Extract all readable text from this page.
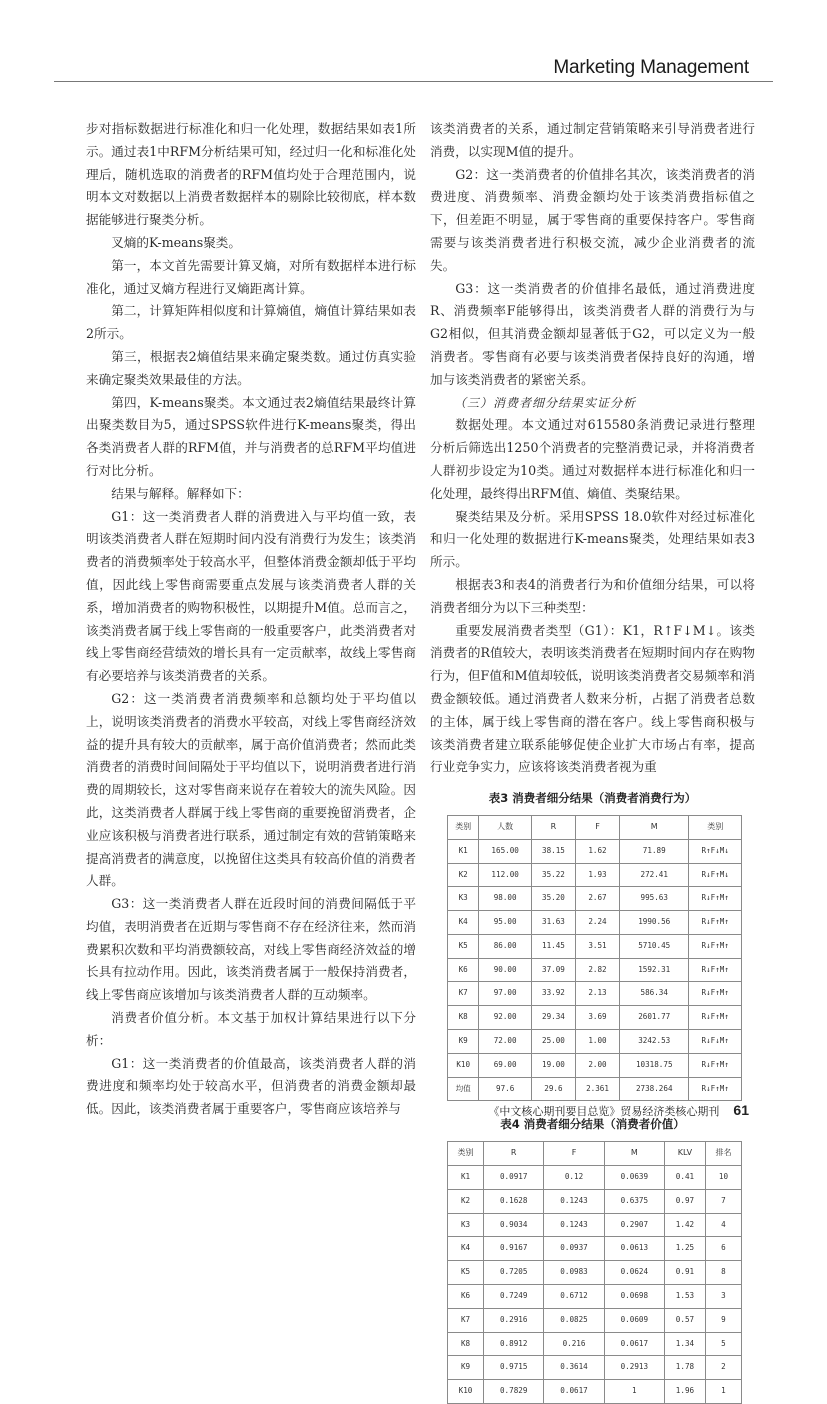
Marketing Management

步对指标数据进行标准化和归一化处理，数据结果如表1所示。通过表1中RFM分析结果可知，经过归一化和标准化处理后，随机选取的消费者的RFM值均处于合理范围内，说明本文对数据以上消费者数据样本的剔除比较彻底，样本数据能够进行聚类分析。

叉熵的K-means聚类。

第一，本文首先需要计算叉熵，对所有数据样本进行标准化，通过叉熵方程进行叉熵距离计算。

第二，计算矩阵相似度和计算熵值，熵值计算结果如表2所示。

第三，根据表2熵值结果来确定聚类数。通过仿真实验来确定聚类效果最佳的方法。

第四，K-means聚类。本文通过表2熵值结果最终计算出聚类数目为5，通过SPSS软件进行K-means聚类，得出各类消费者人群的RFM值，并与消费者的总RFM平均值进行对比分析。

结果与解释。解释如下：

G1：这一类消费者人群的消费进入与平均值一致，表明该类消费者人群在短期时间内没有消费行为发生；该类消费者的消费频率处于较高水平，但整体消费金额却低于平均值，因此线上零售商需要重点发展与该类消费者人群的关系，增加消费者的购物积极性，以期提升M值。总而言之，该类消费者属于线上零售商的一般重要客户，此类消费者对线上零售商经营绩效的增长具有一定贡献率，故线上零售商有必要培养与该类消费者的关系。

G2：这一类消费者消费频率和总额均处于平均值以上，说明该类消费者的消费水平较高，对线上零售商经济效益的提升具有较大的贡献率，属于高价值消费者；然而此类消费者的消费时间间隔处于平均值以下，说明消费者进行消费的周期较长，这对零售商来说存在着较大的流失风险。因此，这类消费者人群属于线上零售商的重要挽留消费者，企业应该积极与消费者进行联系，通过制定有效的营销策略来提高消费者的满意度，以挽留住这类具有较高价值的消费者人群。

G3：这一类消费者人群在近段时间的消费间隔低于平均值，表明消费者在近期与零售商不存在经济往来，然而消费累积次数和平均消费额较高，对线上零售商经济效益的增长具有拉动作用。因此，该类消费者属于一般保持消费者，线上零售商应该增加与该类消费者人群的互动频率。

消费者价值分析。本文基于加权计算结果进行以下分析：

G1：这一类消费者的价值最高，该类消费者人群的消费进度和频率均处于较高水平，但消费者的消费金额却最低。因此，该类消费者属于重要客户，零售商应该培养与

该类消费者的关系，通过制定营销策略来引导消费者进行消费，以实现M值的提升。

G2：这一类消费者的价值排名其次，该类消费者的消费进度、消费频率、消费金额均处于该类消费指标值之下，但差距不明显，属于零售商的重要保持客户。零售商需要与该类消费者进行积极交流，减少企业消费者的流失。

G3：这一类消费者的价值排名最低，通过消费进度R、消费频率F能够得出，该类消费者人群的消费行为与G2相似，但其消费金额却显著低于G2，可以定义为一般消费者。零售商有必要与该类消费者保持良好的沟通，增加与该类消费者的紧密关系。

（三）消费者细分结果实证分析

数据处理。本文通过对615580条消费记录进行整理分析后筛选出1250个消费者的完整消费记录，并将消费者人群初步设定为10类。通过对数据样本进行标准化和归一化处理，最终得出RFM值、熵值、类聚结果。

聚类结果及分析。采用SPSS 18.0软件对经过标准化和归一化处理的数据进行K-means聚类，处理结果如表3所示。

根据表3和表4的消费者行为和价值细分结果，可以将消费者细分为以下三种类型：

重要发展消费者类型（G1）：K1，R↑F↓M↓。该类消费者的R值较大，表明该类消费者在短期时间内存在购物行为，但F值和M值却较低，说明该类消费者交易频率和消费金额较低。通过消费者人数来分析，占据了消费者总数的主体，属于线上零售商的潜在客户。线上零售商积极与该类消费者建立联系能够促使企业扩大市场占有率，提高行业竞争实力，应该将该类消费者视为重

表3 消费者细分结果（消费者消费行为）
类别	人数	R	F	M	类别
K1	165.00	38.15	1.62	71.89	R↑F↓M↓
K2	112.00	35.22	1.93	272.41	R↓F↑M↓
K3	98.00	35.20	2.67	995.63	R↓F↑M↑
K4	95.00	31.63	2.24	1990.56	R↓F↑M↑
K5	86.00	11.45	3.51	5710.45	R↓F↑M↑
K6	90.00	37.09	2.82	1592.31	R↓F↑M↑
K7	97.00	33.92	2.13	586.34	R↓F↑M↑
K8	92.00	29.34	3.69	2601.77	R↓F↑M↑
K9	72.00	25.00	1.00	3242.53	R↓F↓M↑
K10	69.00	19.00	2.00	10318.75	R↓F↑M↑
均值	97.6	29.6	2.361	2738.264	R↓F↑M↑
表4 消费者细分结果（消费者价值）
类别	R	F	M	KLV	排名
K1	0.0917	0.12	0.0639	0.41	10
K2	0.1628	0.1243	0.6375	0.97	7
K3	0.9034	0.1243	0.2907	1.42	4
K4	0.9167	0.0937	0.0613	1.25	6
K5	0.7205	0.0983	0.0624	0.91	8
K6	0.7249	0.6712	0.0698	1.53	3
K7	0.2916	0.0825	0.0609	0.57	9
K8	0.8912	0.216	0.0617	1.34	5
K9	0.9715	0.3614	0.2913	1.78	2
K10	0.7829	0.0617	1	1.96	1
《中文核心期刊要目总览》贸易经济类核心期刊 61
